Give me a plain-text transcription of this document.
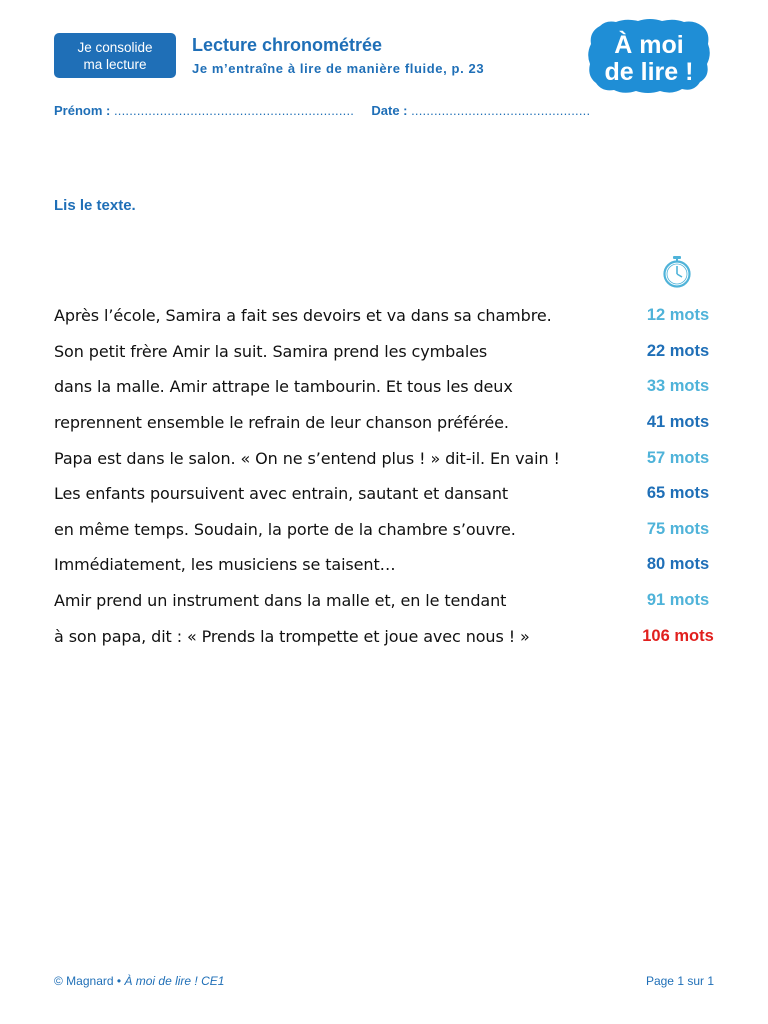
Je consolide
ma lecture
Lecture chronométrée
Je m’entraîne à lire de manière fluide, p. 23
À moi
de lire !
Prénom : ............................................................... Date : ...............................................
Lis le texte.
Après l’école, Samira a fait ses devoirs et va dans sa chambre.	12 mots
Son petit frère Amir la suit. Samira prend les cymbales	22 mots
dans la malle. Amir attrape le tambourin. Et tous les deux	33 mots
reprennent ensemble le refrain de leur chanson préférée.	41 mots
Papa est dans le salon. « On ne s’entend plus ! » dit-il. En vain !	57 mots
Les enfants poursuivent avec entrain, sautant et dansant	65 mots
en même temps. Soudain, la porte de la chambre s’ouvre.	75 mots
Immédiatement, les musiciens se taisent…	80 mots
Amir prend un instrument dans la malle et, en le tendant	91 mots
à son papa, dit : « Prends la trompette et joue avec nous ! »	106 mots
© Magnard • À moi de lire ! CE1	Page 1 sur 1
